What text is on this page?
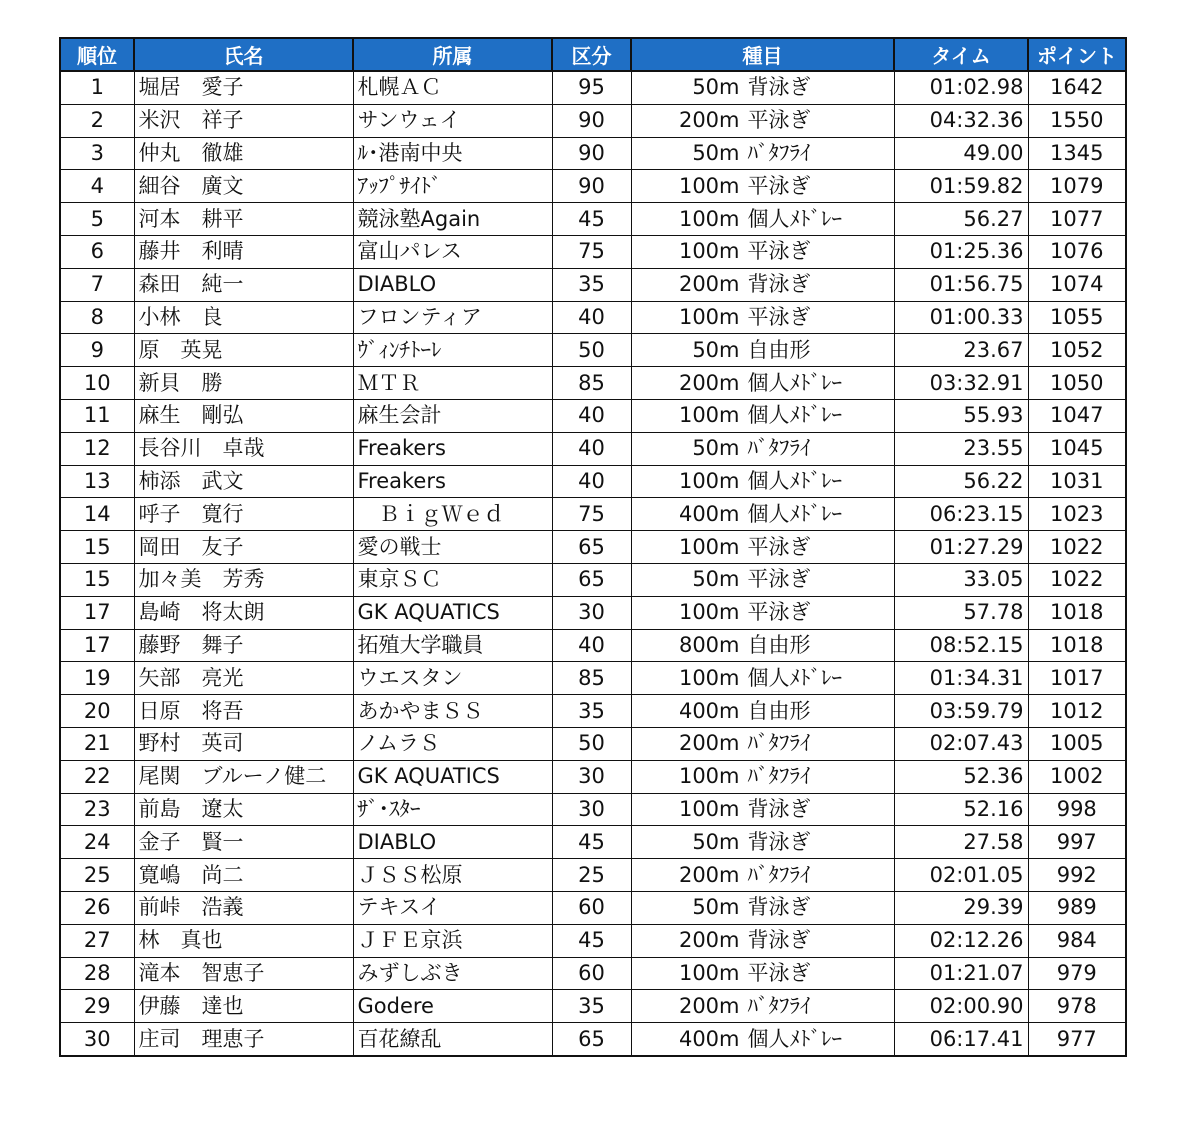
順位	氏名	所属	区分	種目	タイム	ポイント
1	堀居　愛子	札幌ＡＣ	95	50m 背泳ぎ	01:02.98	1642
2	米沢　祥子	サンウェイ	90	200m 平泳ぎ	04:32.36	1550
3	仲丸　徹雄	ﾙ･港南中央	90	50m ﾊﾞﾀﾌﾗｲ	49.00	1345
4	細谷　廣文	ｱｯﾌﾟｻｲﾄﾞ	90	100m 平泳ぎ	01:59.82	1079
5	河本　耕平	競泳塾Again	45	100m 個人ﾒﾄﾞﾚｰ	56.27	1077
6	藤井　利晴	富山パレス	75	100m 平泳ぎ	01:25.36	1076
7	森田　純一	DIABLO	35	200m 背泳ぎ	01:56.75	1074
8	小林　良	フロンティア	40	100m 平泳ぎ	01:00.33	1055
9	原　英晃	ｳﾞｨﾝﾁﾄｰﾚ	50	50m 自由形	23.67	1052
10	新貝　勝	ＭＴＲ	85	200m 個人ﾒﾄﾞﾚｰ	03:32.91	1050
11	麻生　剛弘	麻生会計	40	100m 個人ﾒﾄﾞﾚｰ	55.93	1047
12	長谷川　卓哉	Freakers	40	50m ﾊﾞﾀﾌﾗｲ	23.55	1045
13	柿添　武文	Freakers	40	100m 個人ﾒﾄﾞﾚｰ	56.22	1031
14	呼子　寛行	　ＢｉｇＷｅｄ	75	400m 個人ﾒﾄﾞﾚｰ	06:23.15	1023
15	岡田　友子	愛の戦士	65	100m 平泳ぎ	01:27.29	1022
15	加々美　芳秀	東京ＳＣ	65	50m 平泳ぎ	33.05	1022
17	島崎　将太朗	GK AQUATICS	30	100m 平泳ぎ	57.78	1018
17	藤野　舞子	拓殖大学職員	40	800m 自由形	08:52.15	1018
19	矢部　亮光	ウエスタン	85	100m 個人ﾒﾄﾞﾚｰ	01:34.31	1017
20	日原　将吾	あかやまＳＳ	35	400m 自由形	03:59.79	1012
21	野村　英司	ノムラＳ	50	200m ﾊﾞﾀﾌﾗｲ	02:07.43	1005
22	尾関　ブルーノ健二	GK AQUATICS	30	100m ﾊﾞﾀﾌﾗｲ	52.36	1002
23	前島　遼太	ｻﾞ･ｽﾀｰ	30	100m 背泳ぎ	52.16	998
24	金子　賢一	DIABLO	45	50m 背泳ぎ	27.58	997
25	寛嶋　尚二	ＪＳＳ松原	25	200m ﾊﾞﾀﾌﾗｲ	02:01.05	992
26	前峠　浩義	テキスイ	60	50m 背泳ぎ	29.39	989
27	林　真也	ＪＦＥ京浜	45	200m 背泳ぎ	02:12.26	984
28	滝本　智恵子	みずしぶき	60	100m 平泳ぎ	01:21.07	979
29	伊藤　達也	Godere	35	200m ﾊﾞﾀﾌﾗｲ	02:00.90	978
30	庄司　理恵子	百花繚乱	65	400m 個人ﾒﾄﾞﾚｰ	06:17.41	977
